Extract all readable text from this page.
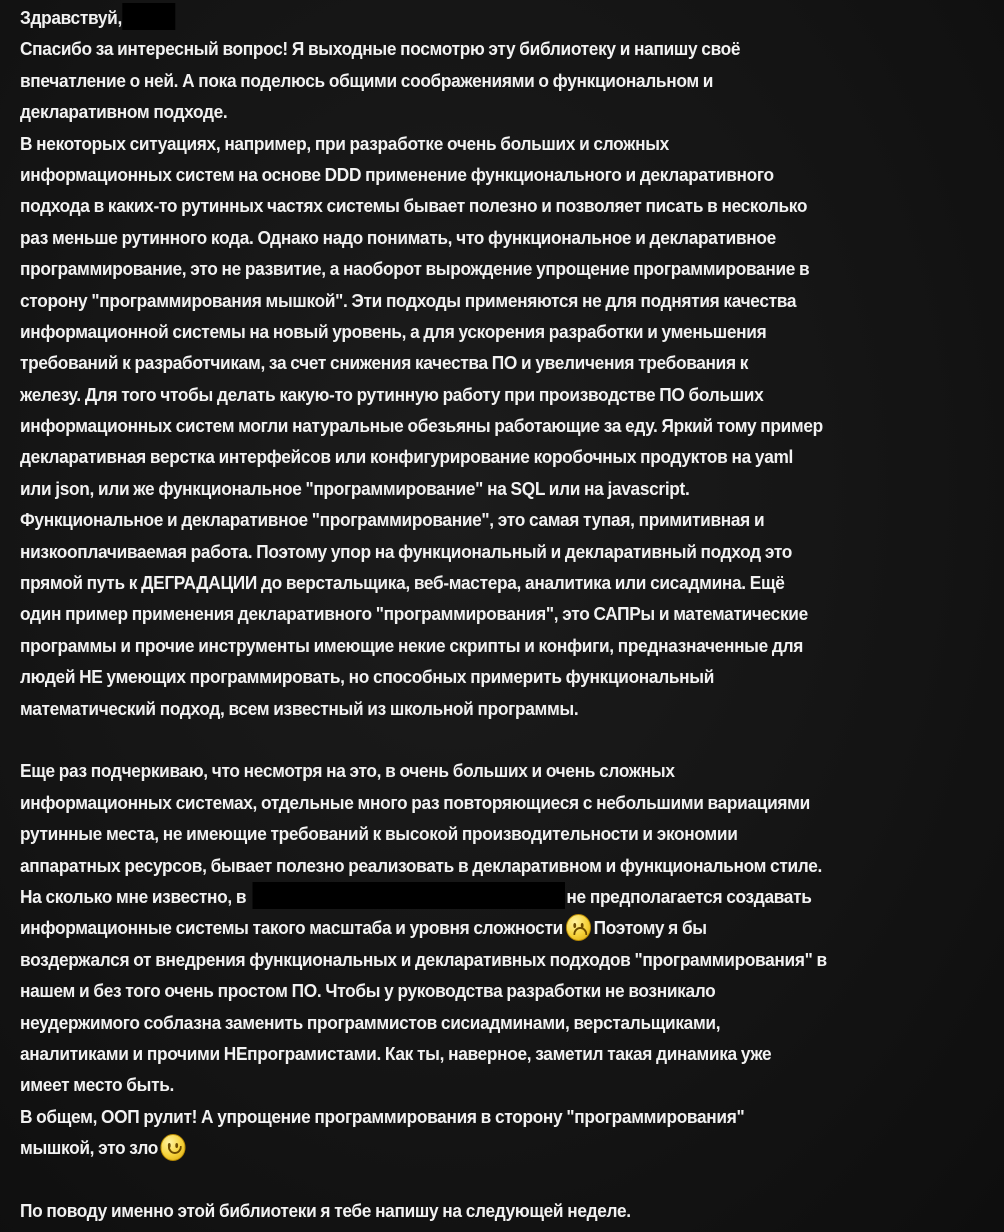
Здравствуй,
Спасибо за интересный вопрос! Я выходные посмотрю эту библиотеку и напишу своё
впечатление о ней. А пока поделюсь общими соображениями о функциональном и
декларативном подходе.
В некоторых ситуациях, например, при разработке очень больших и сложных
информационных систем на основе DDD применение функционального и декларативного
подхода в каких-то рутинных частях системы бывает полезно и позволяет писать в несколько
раз меньше рутинного кода. Однако надо понимать, что функциональное и декларативное
программирование, это не развитие, а наоборот вырождение упрощение программирование в
сторону "программирования мышкой". Эти подходы применяются не для поднятия качества
информационной системы на новый уровень, а для ускорения разработки и уменьшения
требований к разработчикам, за счет снижения качества ПО и увеличения требования к
железу. Для того чтобы делать какую-то рутинную работу при производстве ПО больших
информационных систем могли натуральные обезьяны работающие за еду. Яркий тому пример
декларативная верстка интерфейсов или конфигурирование коробочных продуктов на yaml
или json, или же функциональное "программирование" на SQL или на javascript.
Функциональное и декларативное "программирование", это самая тупая, примитивная и
низкооплачиваемая работа. Поэтому упор на функциональный и декларативный подход это
прямой путь к ДЕГРАДАЦИИ до верстальщика, веб-мастера, аналитика или сисадмина. Ещё
один пример применения декларативного "программирования", это САПРы и математические
программы и прочие инструменты имеющие некие скрипты и конфиги, предназначенные для
людей НЕ умеющих программировать, но способных примерить функциональный
математический подход, всем известный из школьной программы.
Еще раз подчеркиваю, что несмотря на это, в очень больших и очень сложных
информационных системах, отдельные много раз повторяющиеся с небольшими вариациями
рутинные места, не имеющие требований к высокой производительности и экономии
аппаратных ресурсов, бывает полезно реализовать в декларативном и функциональном стиле.
На сколько мне известно, в	не предполагается создавать
информационные системы такого масштаба и уровня сложности Поэтому я бы
воздержался от внедрения функциональных и декларативных подходов "программирования" в
нашем и без того очень простом ПО. Чтобы у руководства разработки не возникало
неудержимого соблазна заменить программистов сисиадминами, верстальщиками,
аналитиками и прочими НЕпрограмистами. Как ты, наверное, заметил такая динамика уже
имеет место быть.
В общем, ООП рулит! А упрощение программирования в сторону "программирования"
мышкой, это зло
По поводу именно этой библиотеки я тебе напишу на следующей неделе.
